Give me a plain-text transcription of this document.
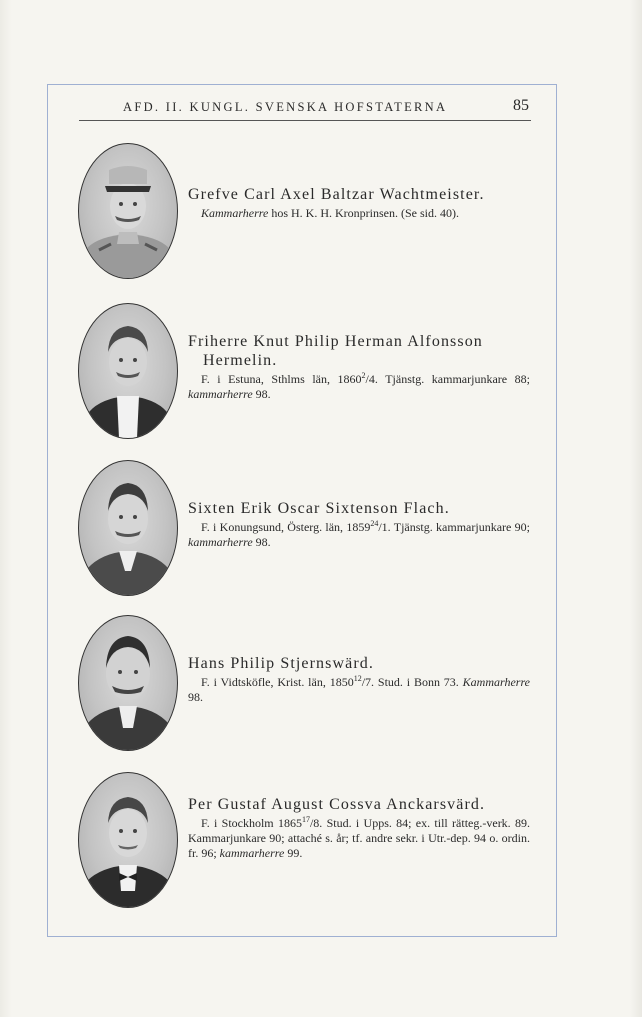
AFD. II. KUNGL. SVENSKA HOFSTATERNA	85

Grefve Carl Axel Baltzar Wachtmeister.

Kammarherre hos H. K. H. Kronprinsen. (Se sid. 40).

Friherre Knut Philip Herman Alfonsson

Hermelin.

F. i Estuna, Sthlms län, 1860$^2$/4. Tjänstg. kammarjunkare 88; kammarherre 98.

Sixten Erik Oscar Sixtenson Flach.

F. i Konungsund, Österg. län, 1859$^{24}$/1. Tjänstg. kammarjunkare 90; kammarherre 98.

Hans Philip Stjernswärd.

F. i Vidtsköfle, Krist. län, 1850$^{12}$/7. Stud. i Bonn 73. Kammarherre 98.

Per Gustaf August Cossva Anckarsvärd.

F. i Stockholm 1865$^{17}$/8. Stud. i Upps. 84; ex. till rätteg.-verk. 89. Kammarjunkare 90; attaché s. år; tf. andre sekr. i Utr.-dep. 94 o. ordin. fr. 96; kammarherre 99.
